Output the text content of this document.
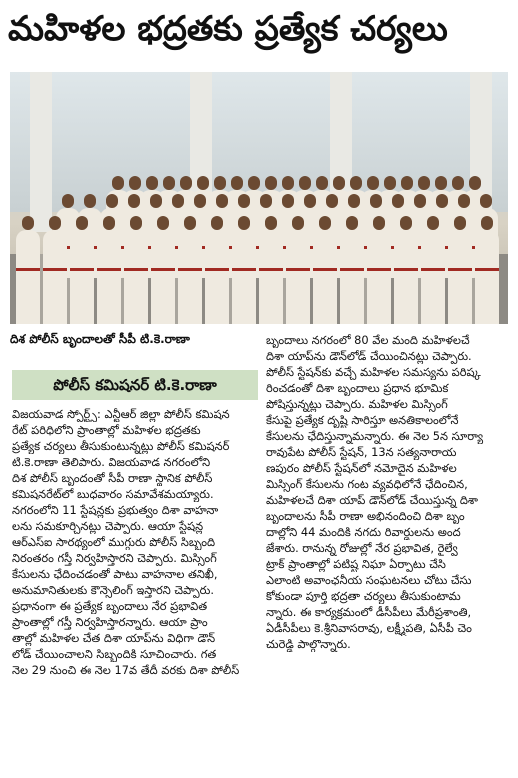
మహిళల భద్రతకు ప్రత్యేక చర్యలు
దిశ పోలీస్ బృందాలతో సీపీ టి.కె.రాణా
పోలీస్ కమిషనర్ టి.కె.రాణా
విజయవాడ స్పోర్ట్స్: ఎన్టీఆర్ జిల్లా పోలీస్ కమిషన
రేట్ పరిధిలోని ప్రాంతాల్లో మహిళల భద్రతకు
ప్రత్యేక చర్యలు తీసుకుంటున్నట్లు పోలీస్ కమిషనర్
టి.కె.రాణా తెలిపారు. విజయవాడ నగరంలోని
దిశ పోలీస్ బృందంతో సీపీ రాణా స్థానిక పోలీస్
కమిషనరేట్‌లో బుధవారం సమావేశమయ్యారు.
నగరంలోని 11 స్టేషన్లకు ప్రభుత్వం దిశా వాహనా
లను సమకూర్చినట్లు చెప్పారు. ఆయా స్టేషన్ల
ఆర్ఎస్ఐ సారథ్యంలో ముగ్గురు పోలీస్ సిబ్బంది
నిరంతరం గస్తీ నిర్వహిస్తారని చెప్పారు. మిస్సింగ్
కేసులను ఛేదించడంతో పాటు వాహనాల తనిఖీ,
అనుమానితులకు కౌన్సెలింగ్ ఇస్తారని చెప్పారు.
ప్రధానంగా ఈ ప్రత్యేక బృందాలు నేర ప్రభావిత
ప్రాంతాల్లో గస్తీ నిర్వహిస్తారన్నారు. ఆయా ప్రాం
తాల్లో మహిళల చేత దిశా యాప్‌ను విధిగా డౌన్
లోడ్ చేయించాలని సిబ్బందికి సూచించారు. గత
నెల 29 నుంచి ఈ నెల 17వ తేదీ వరకు దిశా పోలీస్
బృందాలు నగరంలో 80 వేల మంది మహిళలచే
దిశా యాప్‌ను డౌన్‌లోడ్ చేయించినట్లు చెప్పారు.
పోలీస్ స్టేషన్‌కు వచ్చే మహిళల సమస్యను పరిష్క
రించడంతో దిశా బృందాలు ప్రధాన భూమిక
పోషిస్తున్నట్లు చెప్పారు. మహిళల మిస్సింగ్
కేసుపై ప్రత్యేక దృష్టి సారిస్తూ అనతికాలంలోనే
కేసులను ఛేదిస్తున్నామన్నారు. ఈ నెల 5న సూర్యా
రావుపేట పోలీస్ స్టేషన్, 13న సత్యనారాయ
ణపురం పోలీస్ స్టేషన్‌లో నమోదైన మహిళల
మిస్సింగ్ కేసులను గంట వ్యవధిలోనే ఛేదించిన,
మహిళలచే దిశా యాప్ డౌన్‌లోడ్ చేయిస్తున్న దిశా
బృందాలను సీపీ రాణా అభినందించి దిశా బృం
దాల్లోని 44 మందికి నగదు రివార్డులను అంద
జేశారు. రానున్న రోజుల్లో నేర ప్రభావిత, రైల్వే
ట్రాక్ ప్రాంతాల్లో పటిష్ట నిఘా ఏర్పాటు చేసి
ఎలాంటి అవాంఛనీయ సంఘటనలు చోటు చేసు
కోకుండా పూర్తి భద్రతా చర్యలు తీసుకుంటామ
న్నారు. ఈ కార్యక్రమంలో డీసీపీలు మేరీప్రశాంతి,
ఏడీసీపీలు కె.శ్రీనివాసరావు, లక్ష్మీపతి, ఏసీపీ చెం
చురెడ్డి పాల్గొన్నారు.
